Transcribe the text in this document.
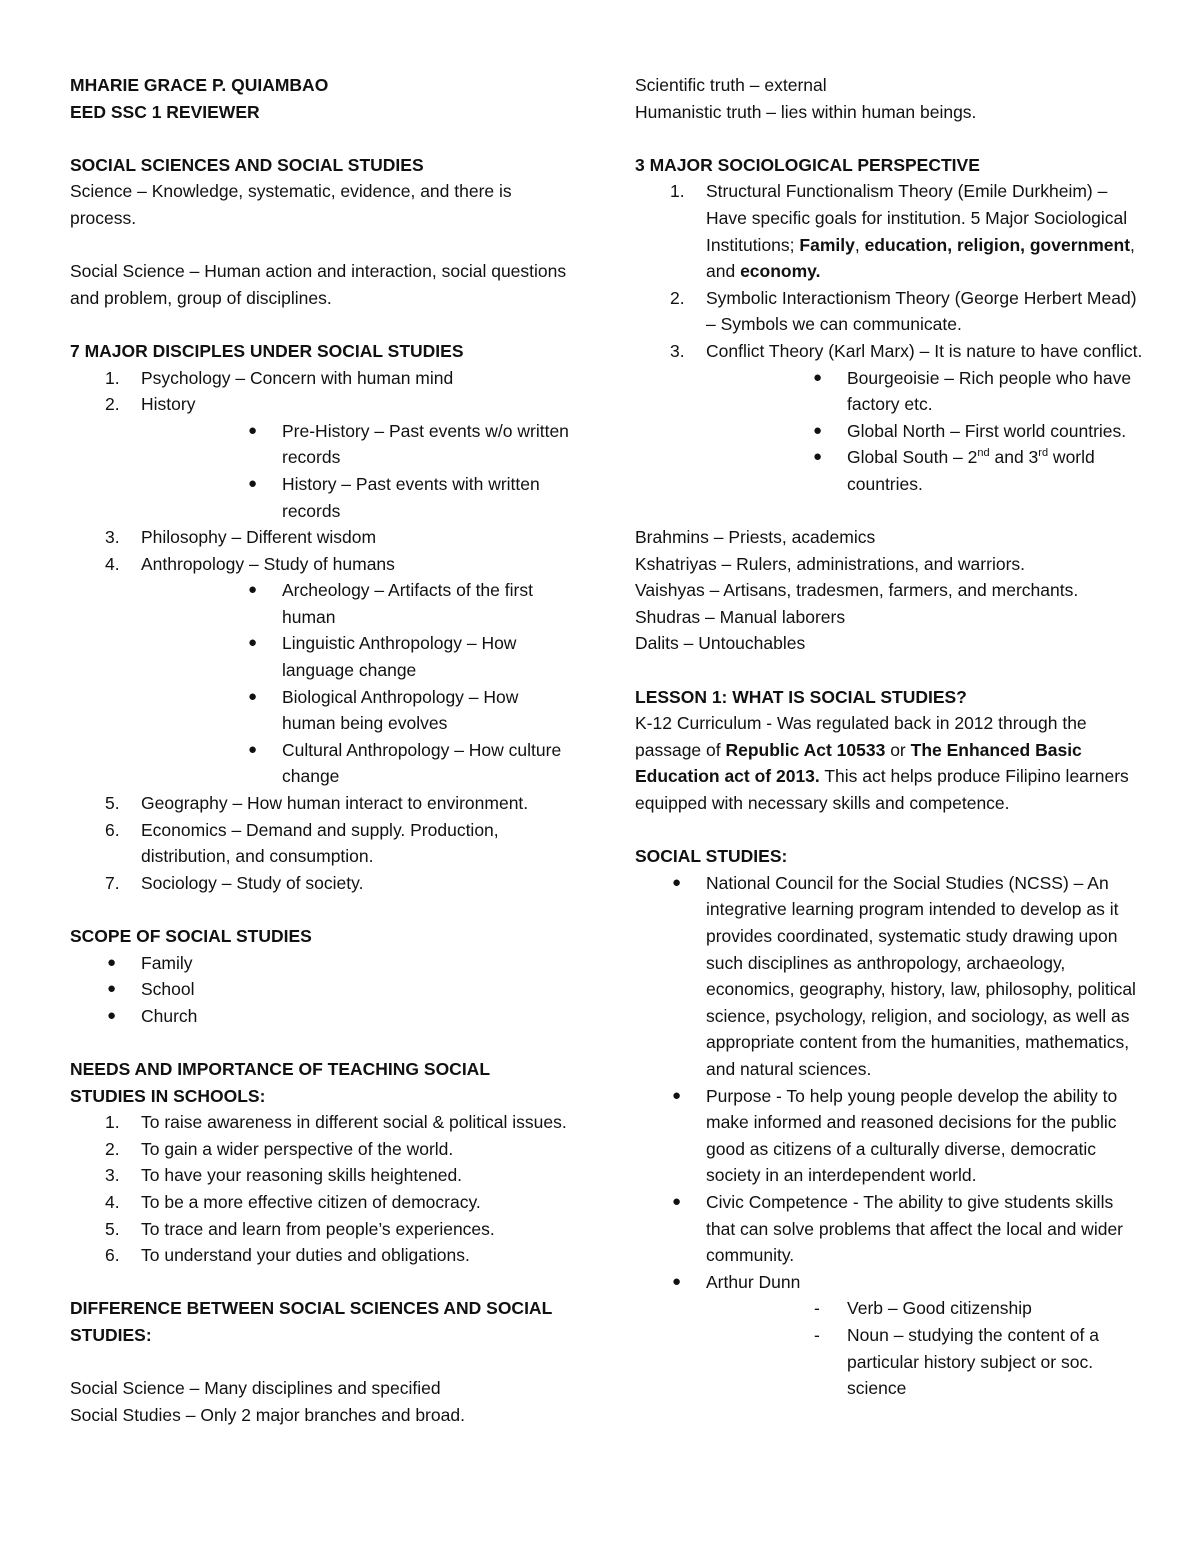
MHARIE GRACE P. QUIAMBAO

EED SSC 1 REVIEWER

SOCIAL SCIENCES AND SOCIAL STUDIES

Science – Knowledge, systematic, evidence, and there is process.

Social Science – Human action and interaction, social questions and problem, group of disciplines.

7 MAJOR DISCIPLES UNDER SOCIAL STUDIES

1. Psychology – Concern with human mind
2. History
● Pre-History – Past events w/o written records
● History – Past events with written records
3. Philosophy – Different wisdom
4. Anthropology – Study of humans
● Archeology – Artifacts of the first human
● Linguistic Anthropology – How language change
● Biological Anthropology – How human being evolves
● Cultural Anthropology – How culture change
5. Geography – How human interact to environment.
6. Economics – Demand and supply. Production, distribution, and consumption.
7. Sociology – Study of society.

SCOPE OF SOCIAL STUDIES

● Family
● School
● Church

NEEDS AND IMPORTANCE OF TEACHING SOCIAL STUDIES IN SCHOOLS:

1. To raise awareness in different social & political issues.
2. To gain a wider perspective of the world.
3. To have your reasoning skills heightened.
4. To be a more effective citizen of democracy.
5. To trace and learn from people’s experiences.
6. To understand your duties and obligations.

DIFFERENCE BETWEEN SOCIAL SCIENCES AND SOCIAL STUDIES:

Social Science – Many disciplines and specified

Social Studies – Only 2 major branches and broad.

Scientific truth – external

Humanistic truth – lies within human beings.

3 MAJOR SOCIOLOGICAL PERSPECTIVE

1. Structural Functionalism Theory (Emile Durkheim) – Have specific goals for institution. 5 Major Sociological Institutions; Family, education, religion, government, and economy.
2. Symbolic Interactionism Theory (George Herbert Mead) – Symbols we can communicate.
3. Conflict Theory (Karl Marx) – It is nature to have conflict.
● Bourgeoisie – Rich people who have factory etc.
● Global North – First world countries.
● Global South – 2nd and 3rd world countries.

Brahmins – Priests, academics

Kshatriyas – Rulers, administrations, and warriors.

Vaishyas – Artisans, tradesmen, farmers, and merchants.

Shudras – Manual laborers

Dalits – Untouchables

LESSON 1: WHAT IS SOCIAL STUDIES?

K-12 Curriculum - Was regulated back in 2012 through the passage of Republic Act 10533 or The Enhanced Basic Education act of 2013. This act helps produce Filipino learners equipped with necessary skills and competence.

SOCIAL STUDIES:

● National Council for the Social Studies (NCSS) – An integrative learning program intended to develop as it provides coordinated, systematic study drawing upon such disciplines as anthropology, archaeology, economics, geography, history, law, philosophy, political science, psychology, religion, and sociology, as well as appropriate content from the humanities, mathematics, and natural sciences.
● Purpose - To help young people develop the ability to make informed and reasoned decisions for the public good as citizens of a culturally diverse, democratic society in an interdependent world.
● Civic Competence - The ability to give students skills that can solve problems that affect the local and wider community.
● Arthur Dunn
- Verb – Good citizenship
- Noun – studying the content of a particular history subject or soc. science
